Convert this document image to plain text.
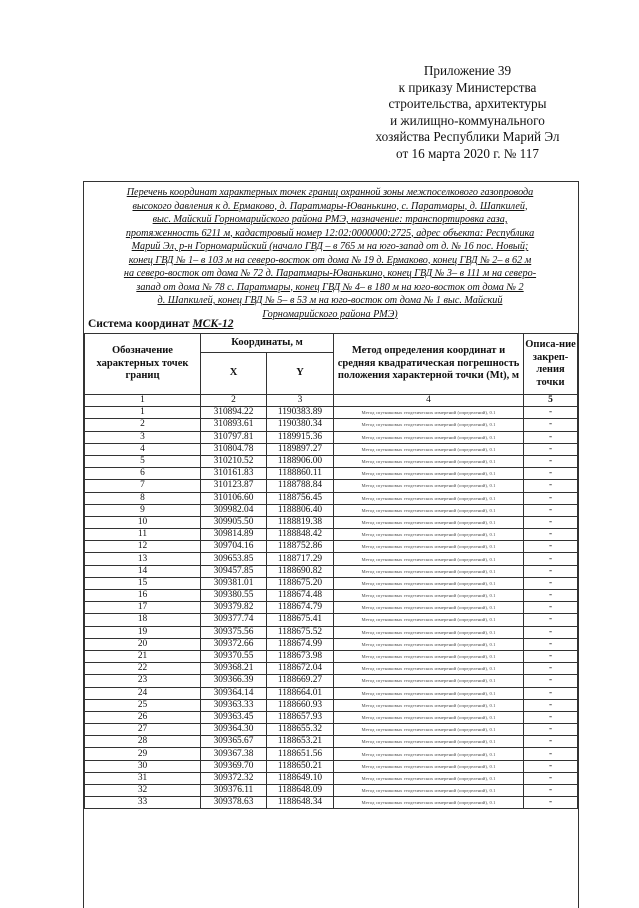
Приложение 39
к приказу Министерства
строительства, архитектуры
и жилищно-коммунального
хозяйства Республики Марий Эл
от 16 марта 2020 г. № 117
Перечень координат характерных точек границ охранной зоны межпоселкового газопровода
высокого давления к д. Ермаково, д. Паратмары-Юванькино, с. Паратмары, д. Шапкилей,
выс. Майский Горномарийского района РМЭ, назначение: транспортировка газа,
протяженность 6211 м, кадастровый номер 12:02:0000000:2725, адрес объекта: Республика
Марий Эл, р-н Горномарийский (начало ГВД – в 765 м на юго-запад от д. № 16 пос. Новый;
конец ГВД № 1– в 103 м на северо-восток от дома № 19 д. Ермаково, конец ГВД № 2– в 62 м
на северо-восток от дома № 72 д. Паратмары-Юванькино, конец ГВД № 3– в 111 м на северо-
запад от дома № 78 с. Паратмары, конец ГВД № 4– в 180 м на юго-восток от дома № 2
д. Шапкилей, конец ГВД № 5– в 53 м на юго-восток от дома № 1 выс. Майский
Горномарийского района РМЭ)
Система координат МСК-12
Обозначение характерных точек границ	Координаты, м		Метод определения координат и средняя квадратическая погрешность положения характерной точки (Mt), м	Описа-ние закреп-ления точки
	X	Y		
1	2	3	4	5
1	310894.22	1190383.89	Метод спутниковых геодезических измерений (определений), 0.1	-
2	310893.61	1190380.34	Метод спутниковых геодезических измерений (определений), 0.1	-
3	310797.81	1189915.36	Метод спутниковых геодезических измерений (определений), 0.1	-
4	310804.78	1189897.27	Метод спутниковых геодезических измерений (определений), 0.1	-
5	310210.52	1188906.00	Метод спутниковых геодезических измерений (определений), 0.1	-
6	310161.83	1188860.11	Метод спутниковых геодезических измерений (определений), 0.1	-
7	310123.87	1188788.84	Метод спутниковых геодезических измерений (определений), 0.1	-
8	310106.60	1188756.45	Метод спутниковых геодезических измерений (определений), 0.1	-
9	309982.04	1188806.40	Метод спутниковых геодезических измерений (определений), 0.1	-
10	309905.50	1188819.38	Метод спутниковых геодезических измерений (определений), 0.1	-
11	309814.89	1188848.42	Метод спутниковых геодезических измерений (определений), 0.1	-
12	309704.16	1188752.86	Метод спутниковых геодезических измерений (определений), 0.1	-
13	309653.85	1188717.29	Метод спутниковых геодезических измерений (определений), 0.1	-
14	309457.85	1188690.82	Метод спутниковых геодезических измерений (определений), 0.1	-
15	309381.01	1188675.20	Метод спутниковых геодезических измерений (определений), 0.1	-
16	309380.55	1188674.48	Метод спутниковых геодезических измерений (определений), 0.1	-
17	309379.82	1188674.79	Метод спутниковых геодезических измерений (определений), 0.1	-
18	309377.74	1188675.41	Метод спутниковых геодезических измерений (определений), 0.1	-
19	309375.56	1188675.52	Метод спутниковых геодезических измерений (определений), 0.1	-
20	309372.66	1188674.99	Метод спутниковых геодезических измерений (определений), 0.1	-
21	309370.55	1188673.98	Метод спутниковых геодезических измерений (определений), 0.1	-
22	309368.21	1188672.04	Метод спутниковых геодезических измерений (определений), 0.1	-
23	309366.39	1188669.27	Метод спутниковых геодезических измерений (определений), 0.1	-
24	309364.14	1188664.01	Метод спутниковых геодезических измерений (определений), 0.1	-
25	309363.33	1188660.93	Метод спутниковых геодезических измерений (определений), 0.1	-
26	309363.45	1188657.93	Метод спутниковых геодезических измерений (определений), 0.1	-
27	309364.30	1188655.32	Метод спутниковых геодезических измерений (определений), 0.1	-
28	309365.67	1188653.21	Метод спутниковых геодезических измерений (определений), 0.1	-
29	309367.38	1188651.56	Метод спутниковых геодезических измерений (определений), 0.1	-
30	309369.70	1188650.21	Метод спутниковых геодезических измерений (определений), 0.1	-
31	309372.32	1188649.10	Метод спутниковых геодезических измерений (определений), 0.1	-
32	309376.11	1188648.09	Метод спутниковых геодезических измерений (определений), 0.1	-
33	309378.63	1188648.34	Метод спутниковых геодезических измерений (определений), 0.1	-
